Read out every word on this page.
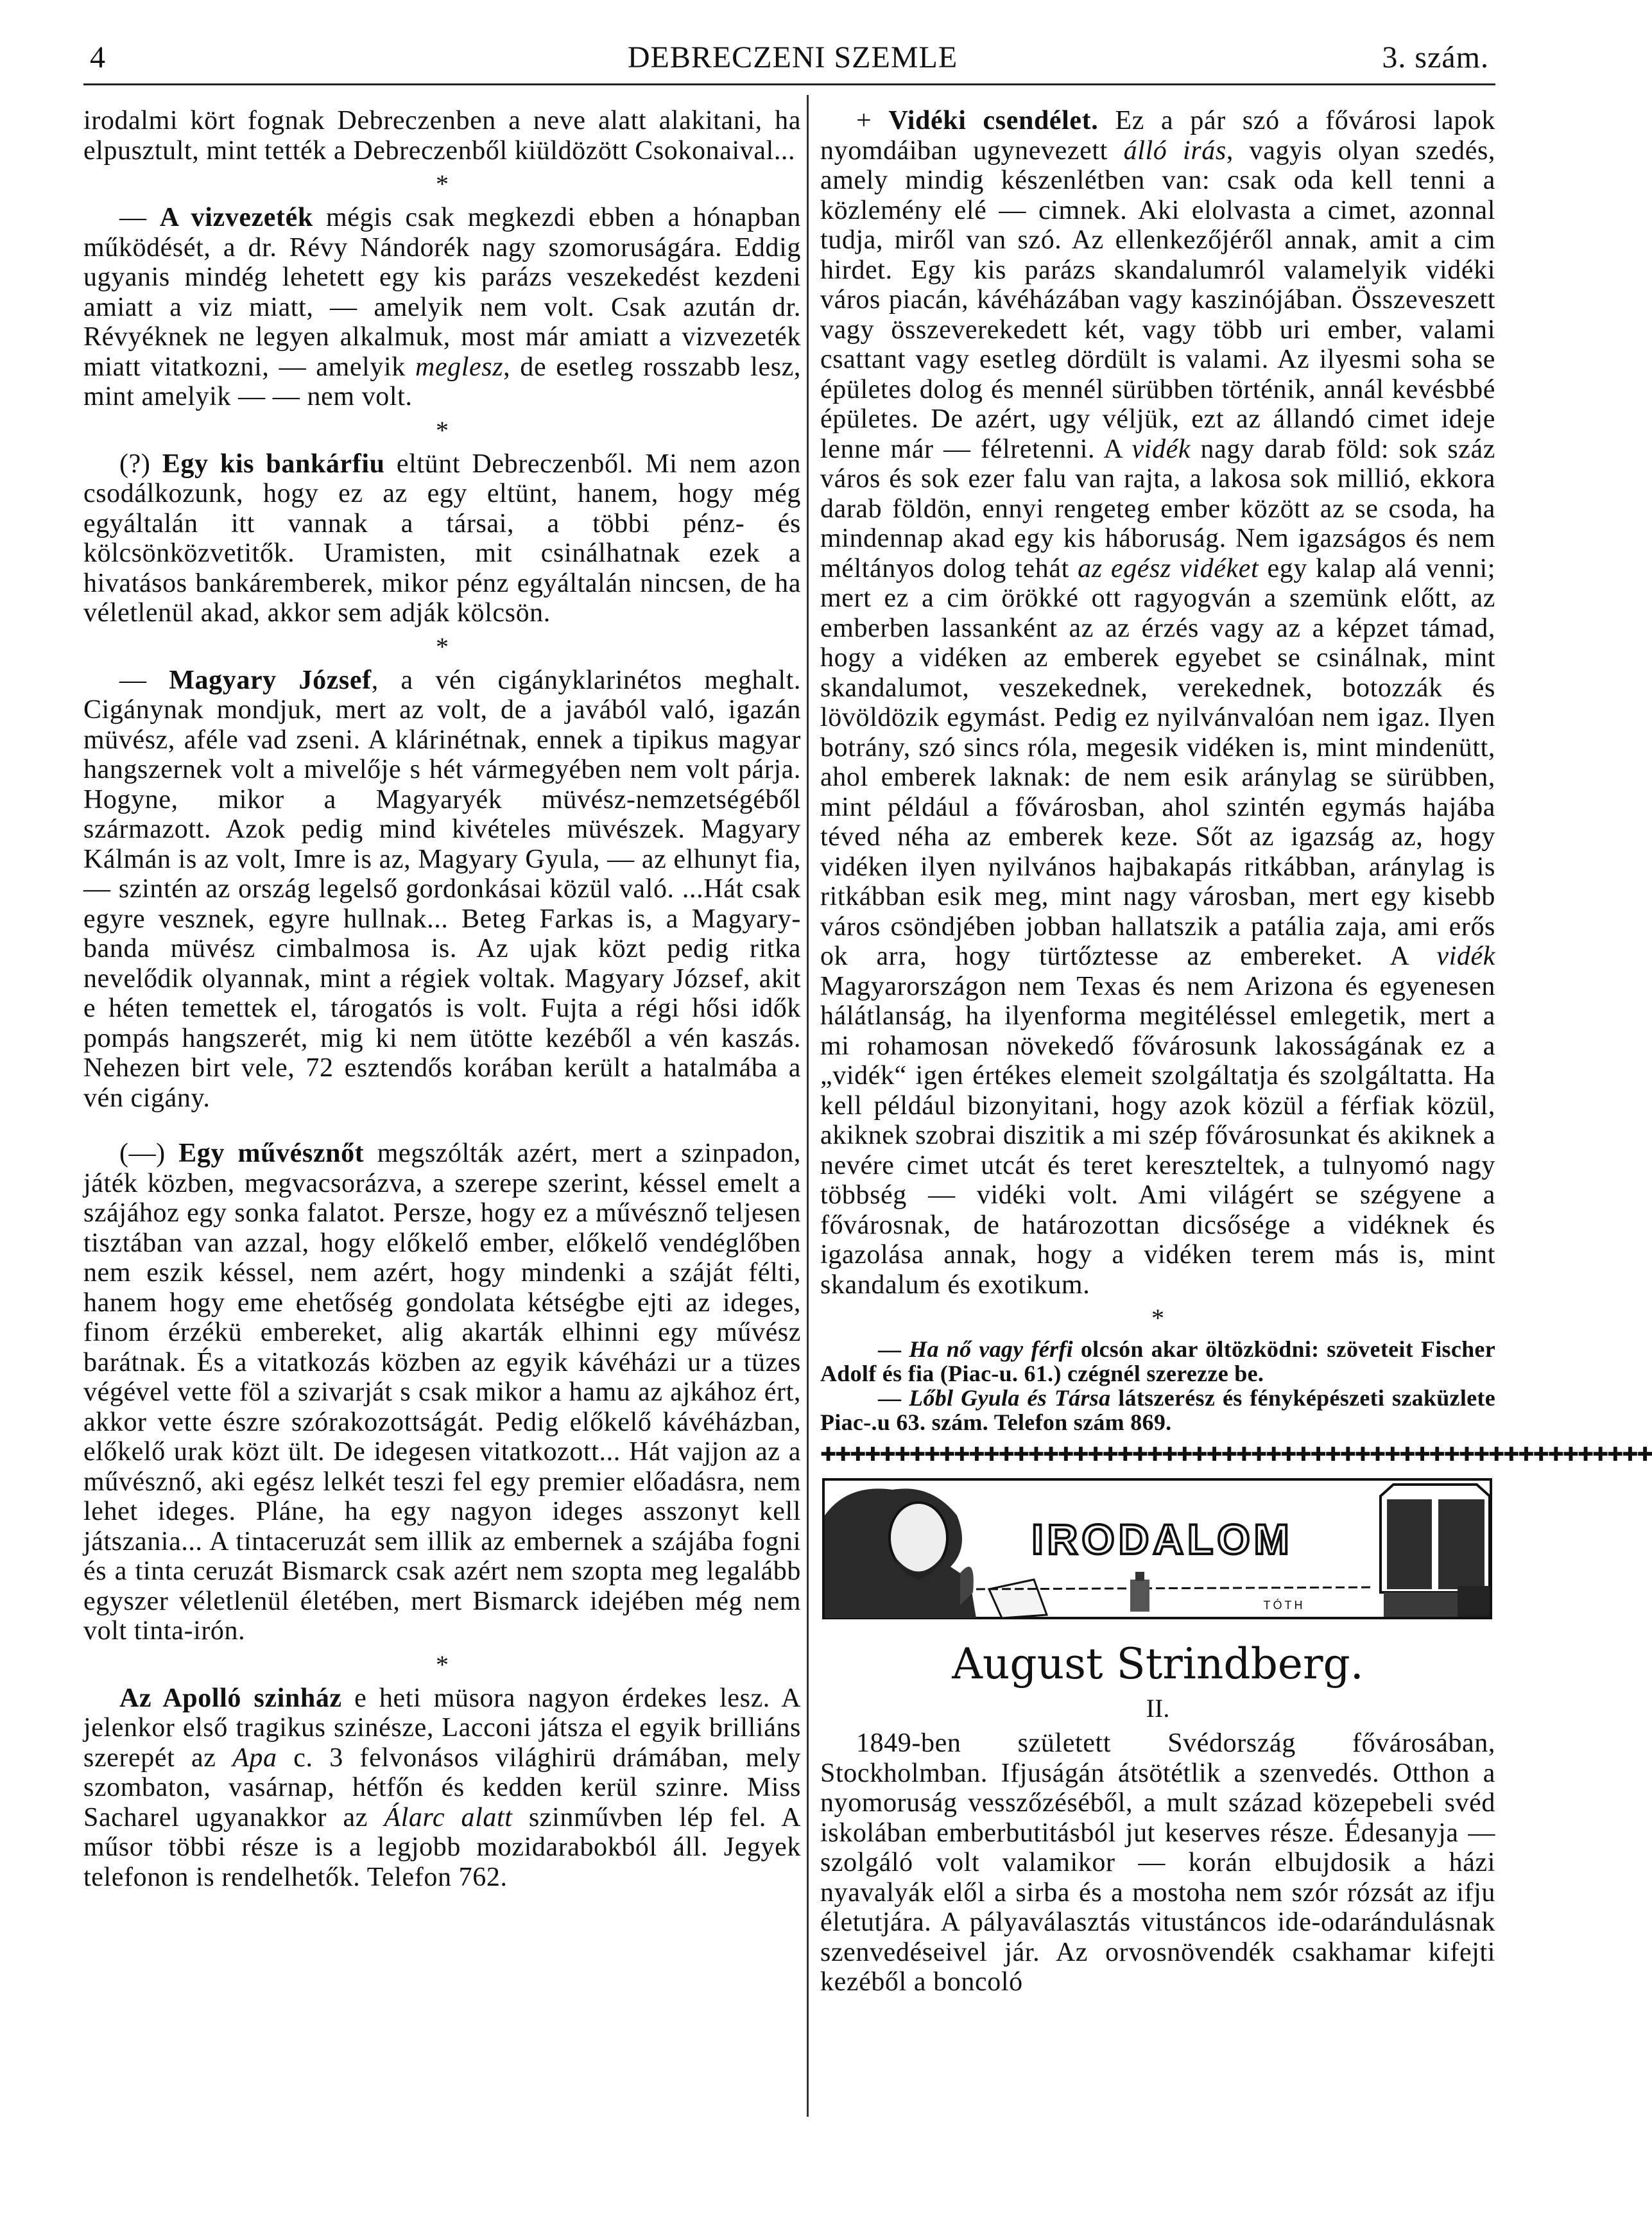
4	DEBRECZENI SZEMLE	3. szám.

irodalmi kört fognak Debreczenben a neve alatt alakitani, ha elpusztult, mint tették a Debreczenből kiüldözött Csokonaival...

*

— A vizvezeték mégis csak megkezdi ebben a hónapban működését, a dr. Révy Nándorék nagy szomoruságára. Eddig ugyanis mindég lehetett egy kis parázs veszekedést kezdeni amiatt a viz miatt, — amelyik nem volt. Csak azután dr. Révyéknek ne legyen alkalmuk, most már amiatt a vizvezeték miatt vitatkozni, — amelyik meglesz, de esetleg rosszabb lesz, mint amelyik — — nem volt.

*

(?) Egy kis bankárfiu eltünt Debreczenből. Mi nem azon csodálkozunk, hogy ez az egy eltünt, hanem, hogy még egyáltalán itt vannak a társai, a többi pénz- és kölcsönközvetitők. Uramisten, mit csinálhatnak ezek a hivatásos bankáremberek, mikor pénz egyáltalán nincsen, de ha véletlenül akad, akkor sem adják kölcsön.

*

— Magyary József, a vén cigányklarinétos meghalt. Cigánynak mondjuk, mert az volt, de a javából való, igazán müvész, aféle vad zseni. A klárinétnak, ennek a tipikus magyar hangszernek volt a mivelője s hét vármegyében nem volt párja. Hogyne, mikor a Magyaryék müvész-nemzetségéből származott. Azok pedig mind kivételes müvészek. Magyary Kálmán is az volt, Imre is az, Magyary Gyula, — az elhunyt fia, — szintén az ország legelső gordonkásai közül való. ...Hát csak egyre vesznek, egyre hullnak... Beteg Farkas is, a Magyary-banda müvész cimbalmosa is. Az ujak közt pedig ritka nevelődik olyannak, mint a régiek voltak. Magyary József, akit e héten temettek el, tárogatós is volt. Fujta a régi hősi idők pompás hangszerét, mig ki nem ütötte kezéből a vén kaszás. Nehezen birt vele, 72 esztendős korában került a hatalmába a vén cigány.

(—) Egy művésznőt megszólták azért, mert a szinpadon, játék közben, megvacsorázva, a szerepe szerint, késsel emelt a szájához egy sonka falatot. Persze, hogy ez a művésznő teljesen tisztában van azzal, hogy előkelő ember, előkelő vendéglőben nem eszik késsel, nem azért, hogy mindenki a száját félti, hanem hogy eme ehetőség gondolata kétségbe ejti az ideges, finom érzékü embereket, alig akarták elhinni egy művész barátnak. És a vitatkozás közben az egyik kávéházi ur a tüzes végével vette föl a szivarját s csak mikor a hamu az ajkához ért, akkor vette észre szórakozottságát. Pedig előkelő kávéházban, előkelő urak közt ült. De idegesen vitatkozott... Hát vajjon az a művésznő, aki egész lelkét teszi fel egy premier előadásra, nem lehet ideges. Pláne, ha egy nagyon ideges asszonyt kell játszania... A tintaceruzát sem illik az embernek a szájába fogni és a tinta ceruzát Bismarck csak azért nem szopta meg legalább egyszer véletlenül életében, mert Bismarck idejében még nem volt tinta-irón.

*

Az Apolló szinház e heti müsora nagyon érdekes lesz. A jelenkor első tragikus szinésze, Lacconi játsza el egyik brilliáns szerepét az Apa c. 3 felvonásos világhirü drámában, mely szombaton, vasárnap, hétfőn és kedden kerül szinre. Miss Sacharel ugyanakkor az Álarc alatt szinművben lép fel. A műsor többi része is a legjobb mozidarabokból áll. Jegyek telefonon is rendelhetők. Telefon 762.

+ Vidéki csendélet. Ez a pár szó a fővárosi lapok nyomdáiban ugynevezett álló irás, vagyis olyan szedés, amely mindig készenlétben van: csak oda kell tenni a közlemény elé — cimnek. Aki elolvasta a cimet, azonnal tudja, miről van szó. Az ellenkezőjéről annak, amit a cim hirdet. Egy kis parázs skandalumról valamelyik vidéki város piacán, kávéházában vagy kaszinójában. Összeveszett vagy összeverekedett két, vagy több uri ember, valami csattant vagy esetleg dördült is valami. Az ilyesmi soha se épületes dolog és mennél sürübben történik, annál kevésbbé épületes. De azért, ugy véljük, ezt az állandó cimet ideje lenne már — félretenni. A vidék nagy darab föld: sok száz város és sok ezer falu van rajta, a lakosa sok millió, ekkora darab földön, ennyi rengeteg ember között az se csoda, ha mindennap akad egy kis háboruság. Nem igazságos és nem méltányos dolog tehát az egész vidéket egy kalap alá venni; mert ez a cim örökké ott ragyogván a szemünk előtt, az emberben lassanként az az érzés vagy az a képzet támad, hogy a vidéken az emberek egyebet se csinálnak, mint skandalumot, veszekednek, verekednek, botozzák és lövöldözik egymást. Pedig ez nyilvánvalóan nem igaz. Ilyen botrány, szó sincs róla, megesik vidéken is, mint mindenütt, ahol emberek laknak: de nem esik aránylag se sürübben, mint például a fővárosban, ahol szintén egymás hajába téved néha az emberek keze. Sőt az igazság az, hogy vidéken ilyen nyilvános hajbakapás ritkábban, aránylag is ritkábban esik meg, mint nagy városban, mert egy kisebb város csöndjében jobban hallatszik a patália zaja, ami erős ok arra, hogy türtőztesse az embereket. A vidék Magyarországon nem Texas és nem Arizona és egyenesen hálátlanság, ha ilyenforma megitéléssel emlegetik, mert a mi rohamosan növekedő fővárosunk lakosságának ez a „vidék“ igen értékes elemeit szolgáltatja és szolgáltatta. Ha kell például bizonyitani, hogy azok közül a férfiak közül, akiknek szobrai diszitik a mi szép fővárosunkat és akiknek a nevére cimet utcát és teret kereszteltek, a tulnyomó nagy többség — vidéki volt. Ami világért se szégyene a fővárosnak, de határozottan dicsősége a vidéknek és igazolása annak, hogy a vidéken terem más is, mint skandalum és exotikum.

*

— Ha nő vagy férfi olcsón akar öltözködni: szöveteit Fischer Adolf és fia (Piac-u. 61.) czégnél szerezze be.

— Lőbl Gyula és Társa látszerész és fényképészeti szaküzlete Piac-.u 63. szám. Telefon szám 869.

✚✚✚✚✚✚✚✚✚✚✚✚✚✚✚✚✚✚✚✚✚✚✚✚✚✚✚✚✚✚✚✚✚✚✚✚✚✚✚✚✚✚✚✚✚✚✚✚✚✚✚✚✚✚✚✚
IRODALOM
TÓTH
August Strindberg.
II.

1849-ben született Svédország fővárosában, Stockholmban. Ifjuságán átsötétlik a szenvedés. Otthon a nyomoruság vesszőzéséből, a mult század közepebeli svéd iskolában emberbutitásból jut keserves része. Édesanyja — szolgáló volt valamikor — korán elbujdosik a házi nyavalyák elől a sirba és a mostoha nem szór rózsát az ifju életutjára. A pályaválasztás vitustáncos ide-odarándulásnak szenvedéseivel jár. Az orvosnövendék csakhamar kifejti kezéből a boncoló
